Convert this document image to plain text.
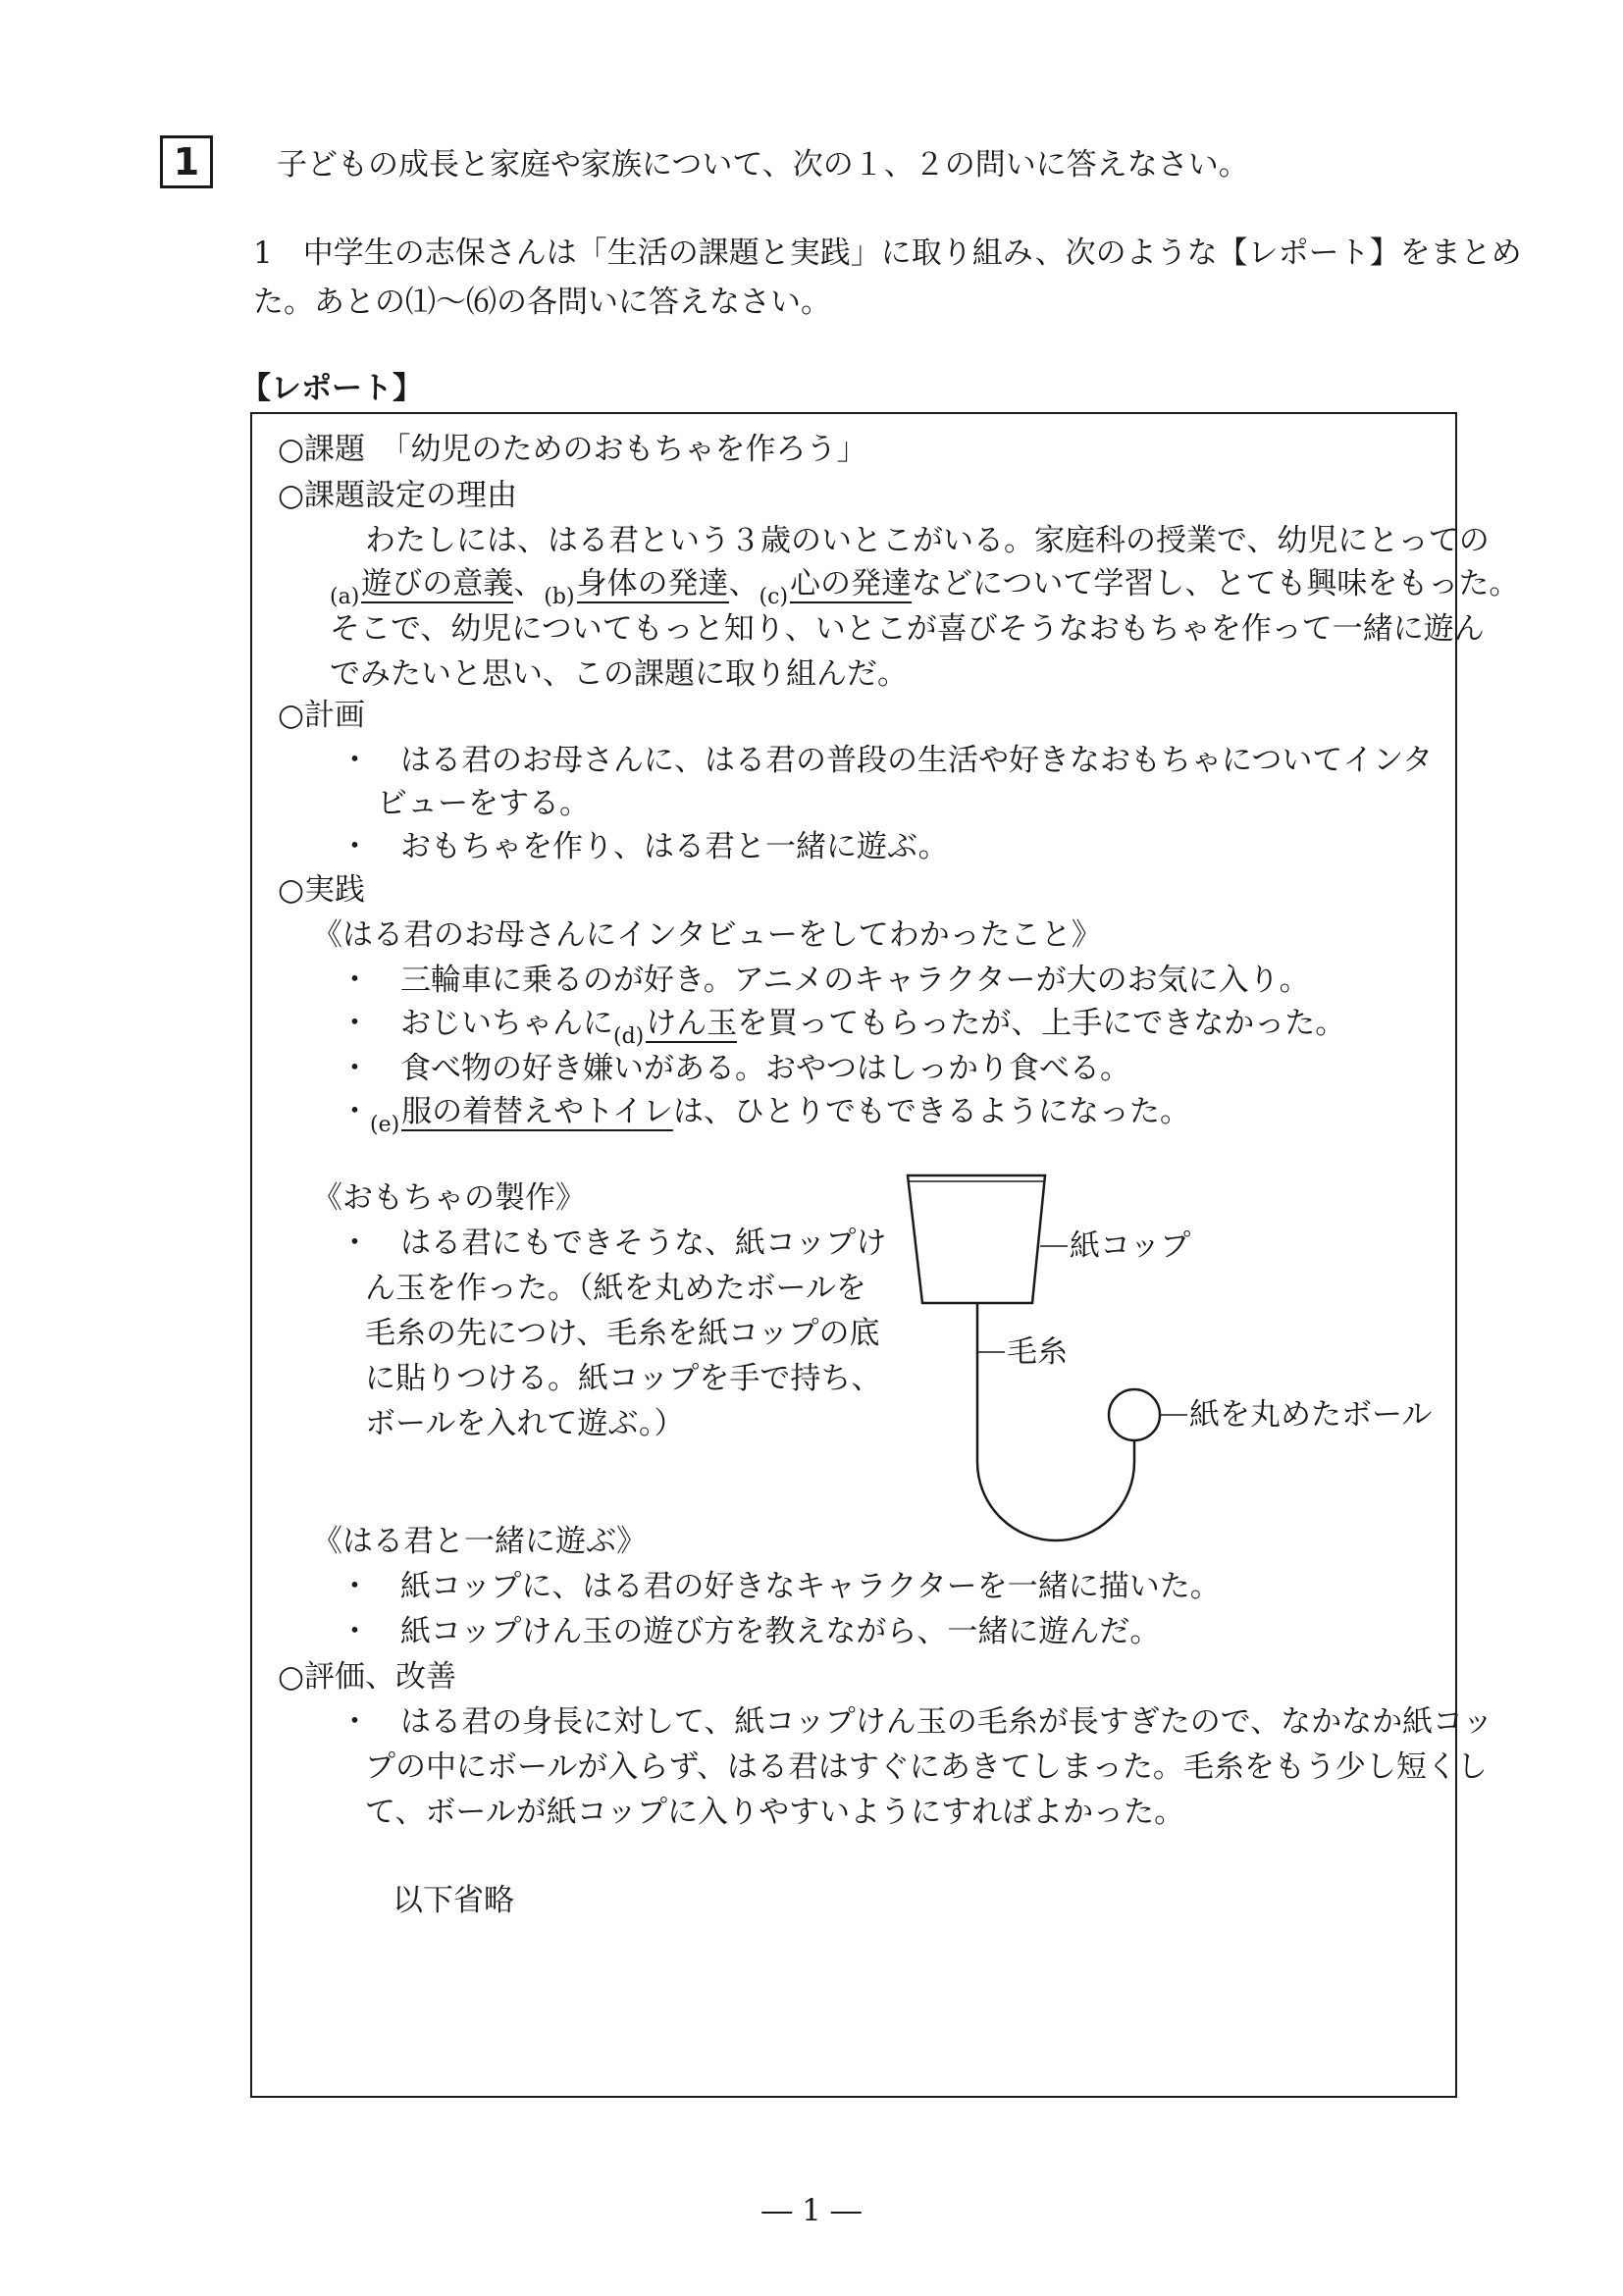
1	子どもの成長と家庭や家族について、次の１、２の問いに答えなさい。
1　中学生の志保さんは「生活の課題と実践」に取り組み、次のような【レポート】をまとめ
た。あとの⑴～⑹の各問いに答えなさい。
【レポート】
○課題　「幼児のためのおもちゃを作ろう」
○課題設定の理由
わたしには、はる君という３歳のいとこがいる。家庭科の授業で、幼児にとっての
$_{(a)}$遊びの意義、$_{(b)}$身体の発達、$_{(c)}$心の発達などについて学習し、とても興味をもった。
そこで、幼児についてもっと知り、いとこが喜びそうなおもちゃを作って一緒に遊ん
でみたいと思い、この課題に取り組んだ。
○計画
・　はる君のお母さんに、はる君の普段の生活や好きなおもちゃについてインタ
ビューをする。
・　おもちゃを作り、はる君と一緒に遊ぶ。
○実践
《はる君のお母さんにインタビューをしてわかったこと》
・　三輪車に乗るのが好き。アニメのキャラクターが大のお気に入り。
・　おじいちゃんに$_{(d)}$けん玉を買ってもらったが、上手にできなかった。
・　食べ物の好き嫌いがある。おやつはしっかり食べる。
・$_{(e)}$服の着替えやトイレは、ひとりでもできるようになった。
《おもちゃの製作》
・　はる君にもできそうな、紙コップけ
ん玉を作った。（紙を丸めたボールを
毛糸の先につけ、毛糸を紙コップの底
に貼りつける。紙コップを手で持ち、
ボールを入れて遊ぶ。）
紙コップ
毛糸
紙を丸めたボール
《はる君と一緒に遊ぶ》
・　紙コップに、はる君の好きなキャラクターを一緒に描いた。
・　紙コップけん玉の遊び方を教えながら、一緒に遊んだ。
○評価、改善
・　はる君の身長に対して、紙コップけん玉の毛糸が長すぎたので、なかなか紙コッ
プの中にボールが入らず、はる君はすぐにあきてしまった。毛糸をもう少し短くし
て、ボールが紙コップに入りやすいようにすればよかった。
以下省略
― 1 ―
